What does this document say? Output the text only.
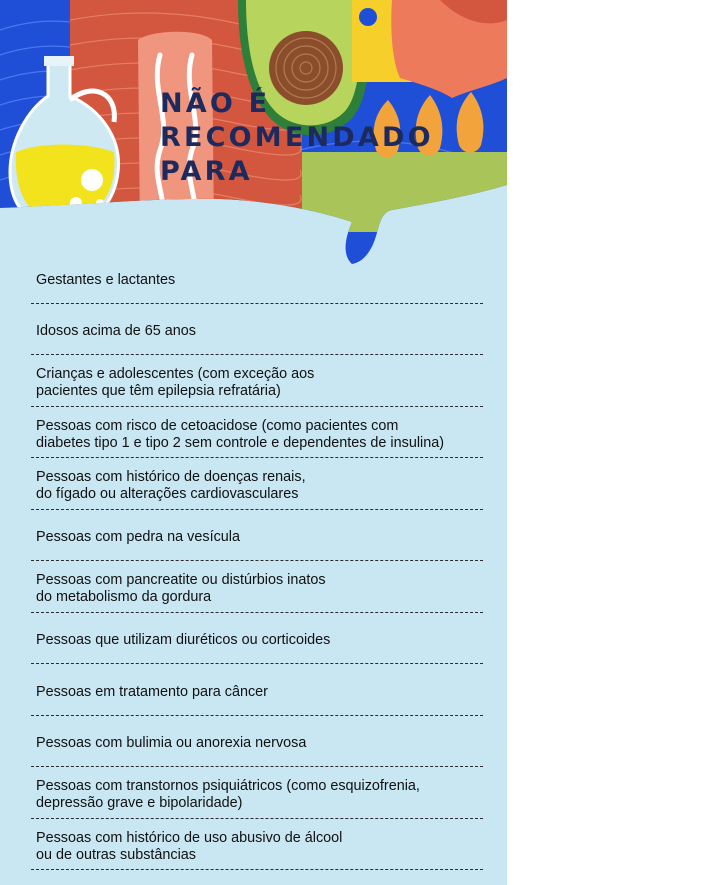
NÃO É
RECOMENDADO
PARA
Gestantes e lactantes
Idosos acima de 65 anos
Crianças e adolescentes (com exceção aos
pacientes que têm epilepsia refratária)
Pessoas com risco de cetoacidose (como pacientes com
diabetes tipo 1 e tipo 2 sem controle e dependentes de insulina)
Pessoas com histórico de doenças renais,
do fígado ou alterações cardiovasculares
Pessoas com pedra na vesícula
Pessoas com pancreatite ou distúrbios inatos
do metabolismo da gordura
Pessoas que utilizam diuréticos ou corticoides
Pessoas em tratamento para câncer
Pessoas com bulimia ou anorexia nervosa
Pessoas com transtornos psiquiátricos (como esquizofrenia,
depressão grave e bipolaridade)
Pessoas com histórico de uso abusivo de álcool
ou de outras substâncias
